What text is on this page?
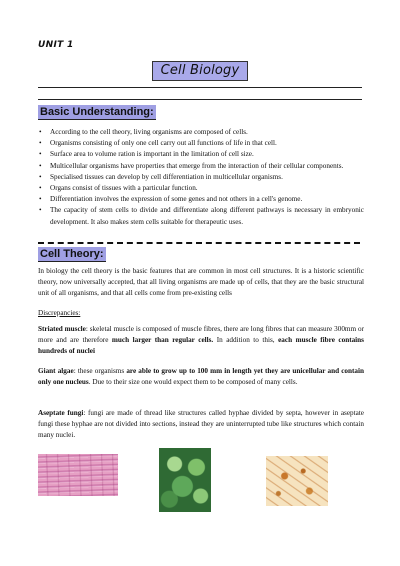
UNIT 1
Cell Biology
Basic Understanding:
• According to the cell theory, living organisms are composed of cells.
• Organisms consisting of only one cell carry out all functions of life in that cell.
• Surface area to volume ration is important in the limitation of cell size.
• Multicellular organisms have properties that emerge from the interaction of their cellular components.
• Specialised tissues can develop by cell differentiation in multicellular organisms.
• Organs consist of tissues with a particular function.
• Differentiation involves the expression of some genes and not others in a cell's genome.
• The capacity of stem cells to divide and differentiate along different pathways is necessary in embryonic development. It also makes stem cells suitable for therapeutic uses.
Cell Theory:

In biology the cell theory is the basic features that are common in most cell structures. It is a historic scientific theory, now universally accepted, that all living organisms are made up of cells, that they are the basic structural unit of all organisms, and that all cells come from pre-existing cells

Discrepancies:

Striated muscle: skeletal muscle is composed of muscle fibres, there are long fibres that can measure 300mm or more and are therefore much larger than regular cells. In addition to this, each muscle fibre contains hundreds of nuclei

Giant algae: these organisms are able to grow up to 100 mm in length yet they are unicellular and contain only one nucleus. Due to their size one would expect them to be composed of many cells.

Aseptate fungi: fungi are made of thread like structures called hyphae divided by septa, however in aseptate fungi these hyphae are not divided into sections, instead they are uninterrupted tube like structures which contain many nuclei.
